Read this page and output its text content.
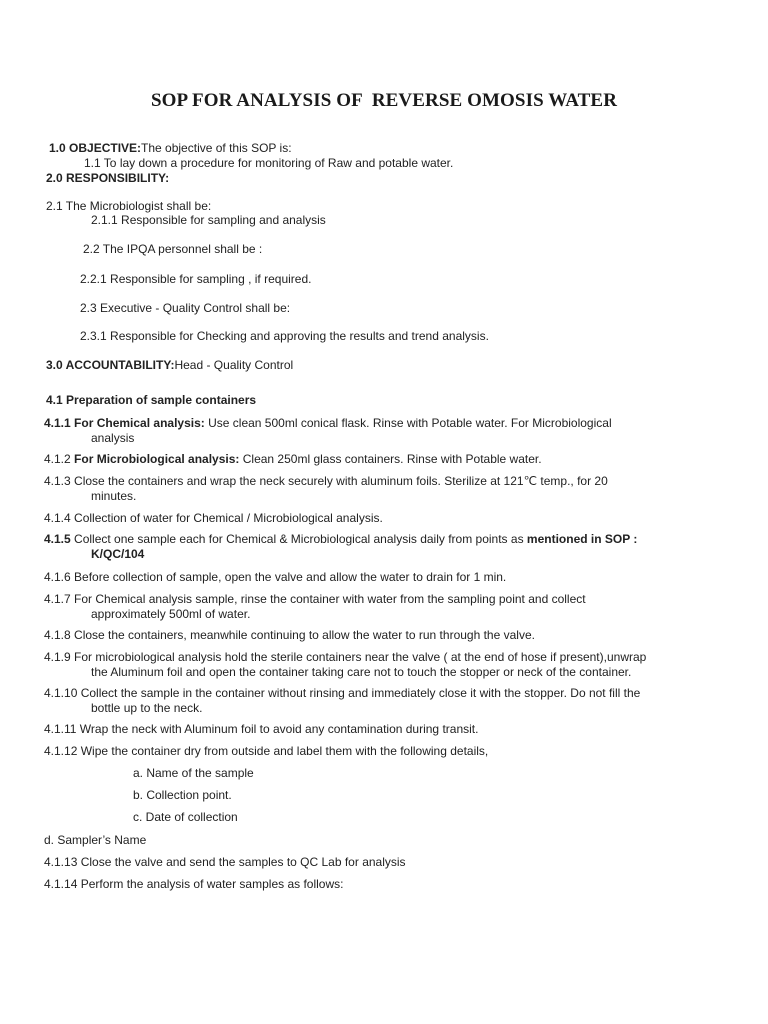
SOP FOR ANALYSIS OF  REVERSE OMOSIS WATER
1.0 OBJECTIVE:The objective of this SOP is:
1.1 To lay down a procedure for monitoring of Raw and potable water.
2.0 RESPONSIBILITY:
2.1 The Microbiologist shall be:
2.1.1 Responsible for sampling and analysis
2.2 The IPQA personnel shall be :
2.2.1 Responsible for sampling , if required.
2.3 Executive - Quality Control shall be:
2.3.1 Responsible for Checking and approving the results and trend analysis.
3.0 ACCOUNTABILITY:Head - Quality Control
4.1 Preparation of sample containers
4.1.1 For Chemical analysis: Use clean 500ml conical flask. Rinse with Potable water. For Microbiological
analysis
4.1.2 For Microbiological analysis: Clean 250ml glass containers. Rinse with Potable water.
4.1.3 Close the containers and wrap the neck securely with aluminum foils. Sterilize at 121℃ temp., for 20
minutes.
4.1.4 Collection of water for Chemical / Microbiological analysis.
4.1.5 Collect one sample each for Chemical & Microbiological analysis daily from points as mentioned in SOP :
K/QC/104
4.1.6 Before collection of sample, open the valve and allow the water to drain for 1 min.
4.1.7 For Chemical analysis sample, rinse the container with water from the sampling point and collect
approximately 500ml of water.
4.1.8 Close the containers, meanwhile continuing to allow the water to run through the valve.
4.1.9 For microbiological analysis hold the sterile containers near the valve ( at the end of hose if present),unwrap
the Aluminum foil and open the container taking care not to touch the stopper or neck of the container.
4.1.10 Collect the sample in the container without rinsing and immediately close it with the stopper. Do not fill the
bottle up to the neck.
4.1.11 Wrap the neck with Aluminum foil to avoid any contamination during transit.
4.1.12 Wipe the container dry from outside and label them with the following details,
a. Name of the sample
b. Collection point.
c. Date of collection
d. Sampler’s Name
4.1.13 Close the valve and send the samples to QC Lab for analysis
4.1.14 Perform the analysis of water samples as follows:
